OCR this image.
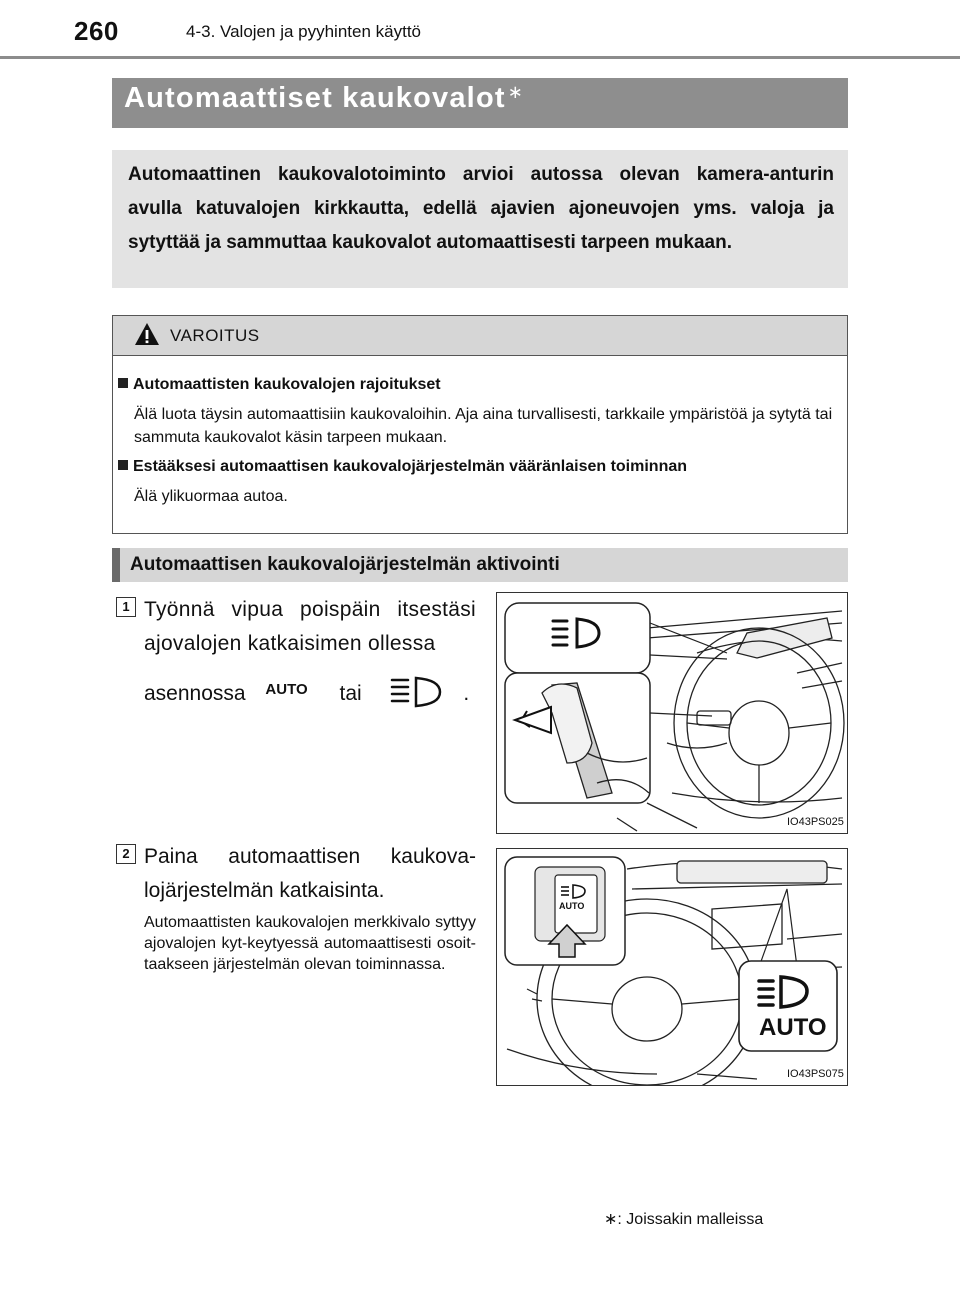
260	4-3. Valojen ja pyyhinten käyttö
Automaattiset kaukovalot ∗
Automaattinen kaukovalotoiminto arvioi autossa olevan kamera-anturin avulla katuvalojen kirkkautta, edellä ajavien ajoneuvojen yms. valoja ja sytyttää ja sammuttaa kaukovalot automaattisesti tarpeen mukaan.
VAROITUS
Automaattisten kaukovalojen rajoitukset
Älä luota täysin automaattisiin kaukovaloihin. Aja aina turvallisesti, tarkkaile ympäristöä ja sytytä tai sammuta kaukovalot käsin tarpeen mukaan.
Estääksesi automaattisen kaukovalojärjestelmän vääränlaisen toiminnan
Älä ylikuormaa autoa.
Automaattisen kaukovalojärjestelmän aktivointi
1 Työnnä vipua poispäin itsestäsi ajovalojen katkaisimen ollessa
asennossa $^{AUTO}$ tai	.
IO43PS025
2 Paina automaattisen kaukova-lojärjestelmän katkaisinta.
Automaattisten kaukovalojen merkkivalo syttyy ajovalojen kyt-keytyessä automaattisesti osoit-taakseen järjestelmän olevan toiminnassa.
AUTO
AUTO
IO43PS075
∗: Joissakin malleissa
